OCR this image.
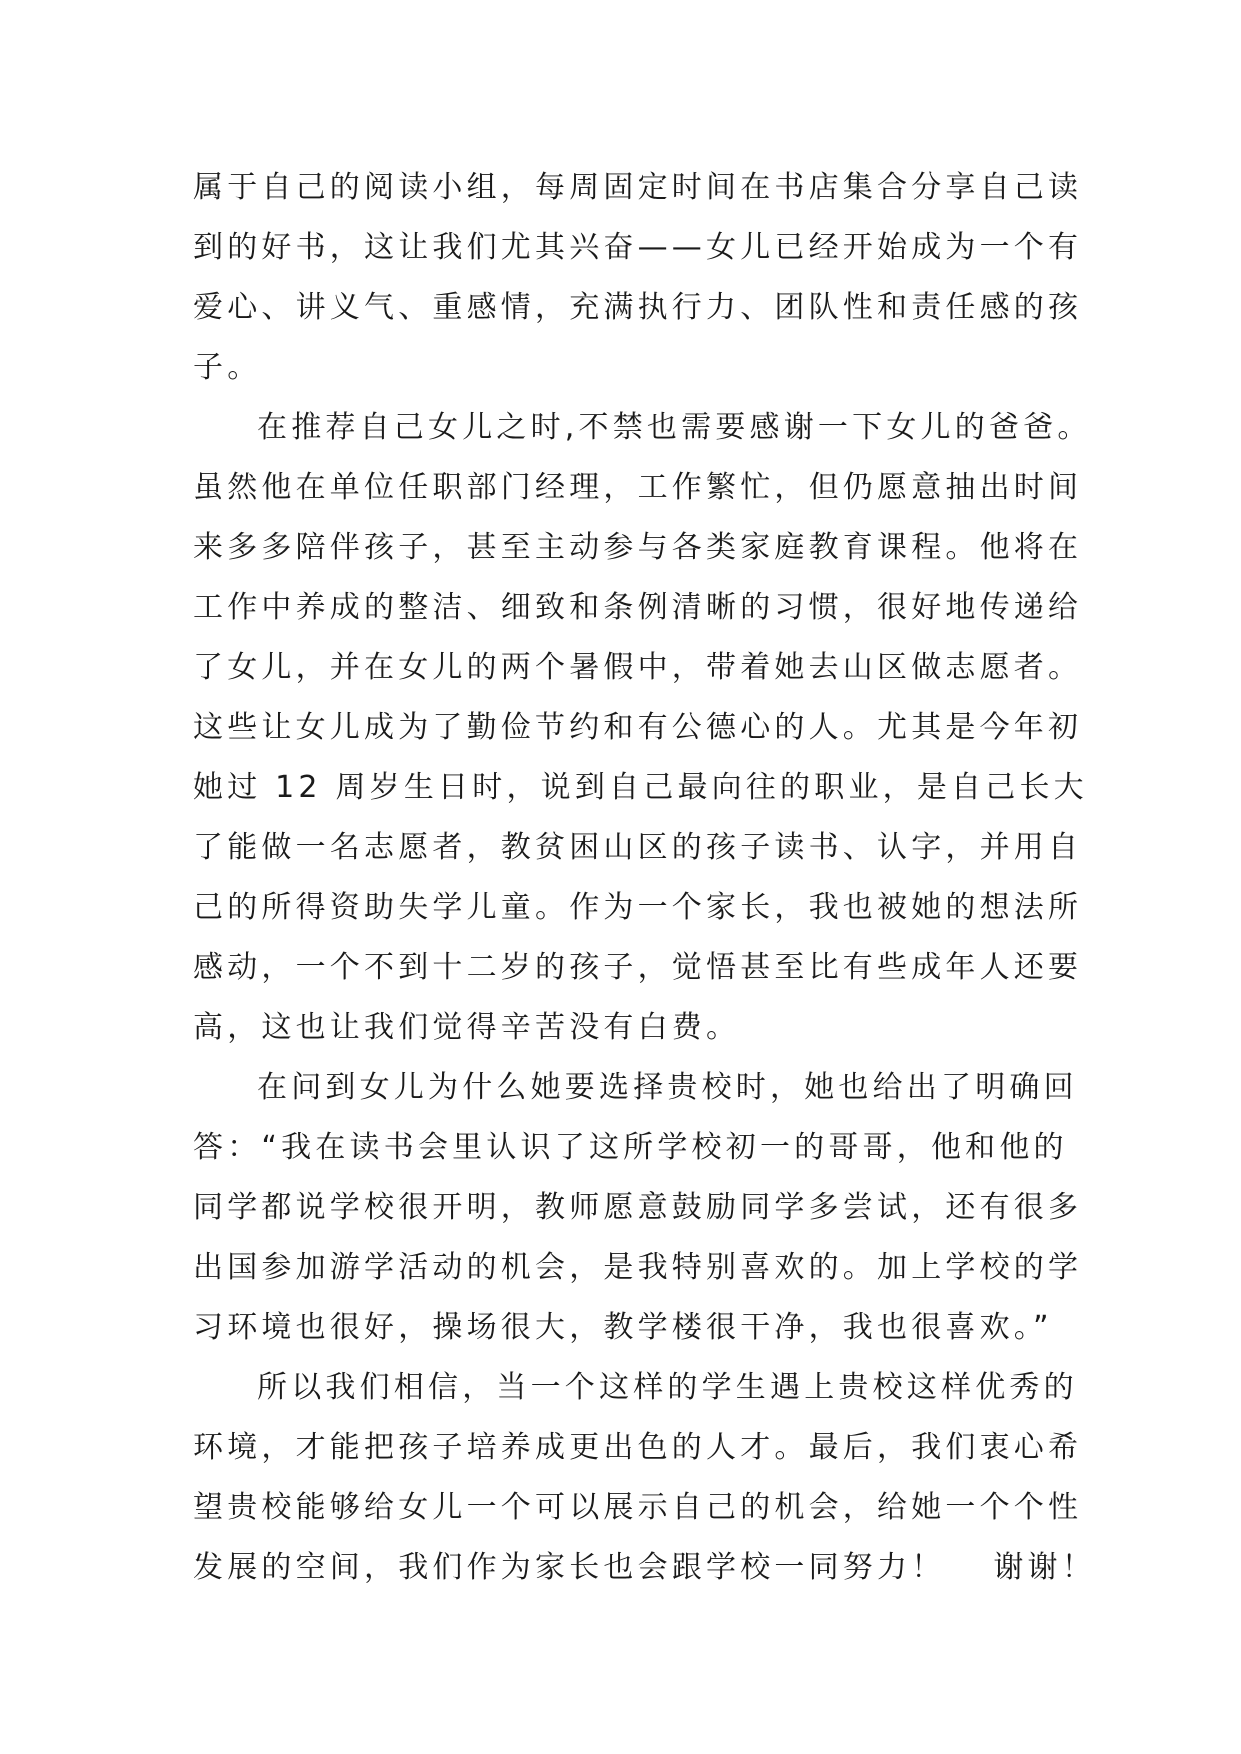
属于自己的阅读小组，每周固定时间在书店集合分享自己读
到的好书，这让我们尤其兴奋——女儿已经开始成为一个有
爱心、讲义气、重感情，充满执行力、团队性和责任感的孩
子。
在推荐自己女儿之时,不禁也需要感谢一下女儿的爸爸。
虽然他在单位任职部门经理，工作繁忙，但仍愿意抽出时间
来多多陪伴孩子，甚至主动参与各类家庭教育课程。他将在
工作中养成的整洁、细致和条例清晰的习惯，很好地传递给
了女儿，并在女儿的两个暑假中，带着她去山区做志愿者。
这些让女儿成为了勤俭节约和有公德心的人。尤其是今年初
她过 12 周岁生日时，说到自己最向往的职业，是自己长大
了能做一名志愿者，教贫困山区的孩子读书、认字，并用自
己的所得资助失学儿童。作为一个家长，我也被她的想法所
感动，一个不到十二岁的孩子，觉悟甚至比有些成年人还要
高，这也让我们觉得辛苦没有白费。
在问到女儿为什么她要选择贵校时，她也给出了明确回
答：“我在读书会里认识了这所学校初一的哥哥，他和他的
同学都说学校很开明，教师愿意鼓励同学多尝试，还有很多
出国参加游学活动的机会，是我特别喜欢的。加上学校的学
习环境也很好，操场很大，教学楼很干净，我也很喜欢。”
所以我们相信，当一个这样的学生遇上贵校这样优秀的
环境，才能把孩子培养成更出色的人才。最后，我们衷心希
望贵校能够给女儿一个可以展示自己的机会，给她一个个性
发展的空间，我们作为家长也会跟学校一同努力！　 谢谢！
